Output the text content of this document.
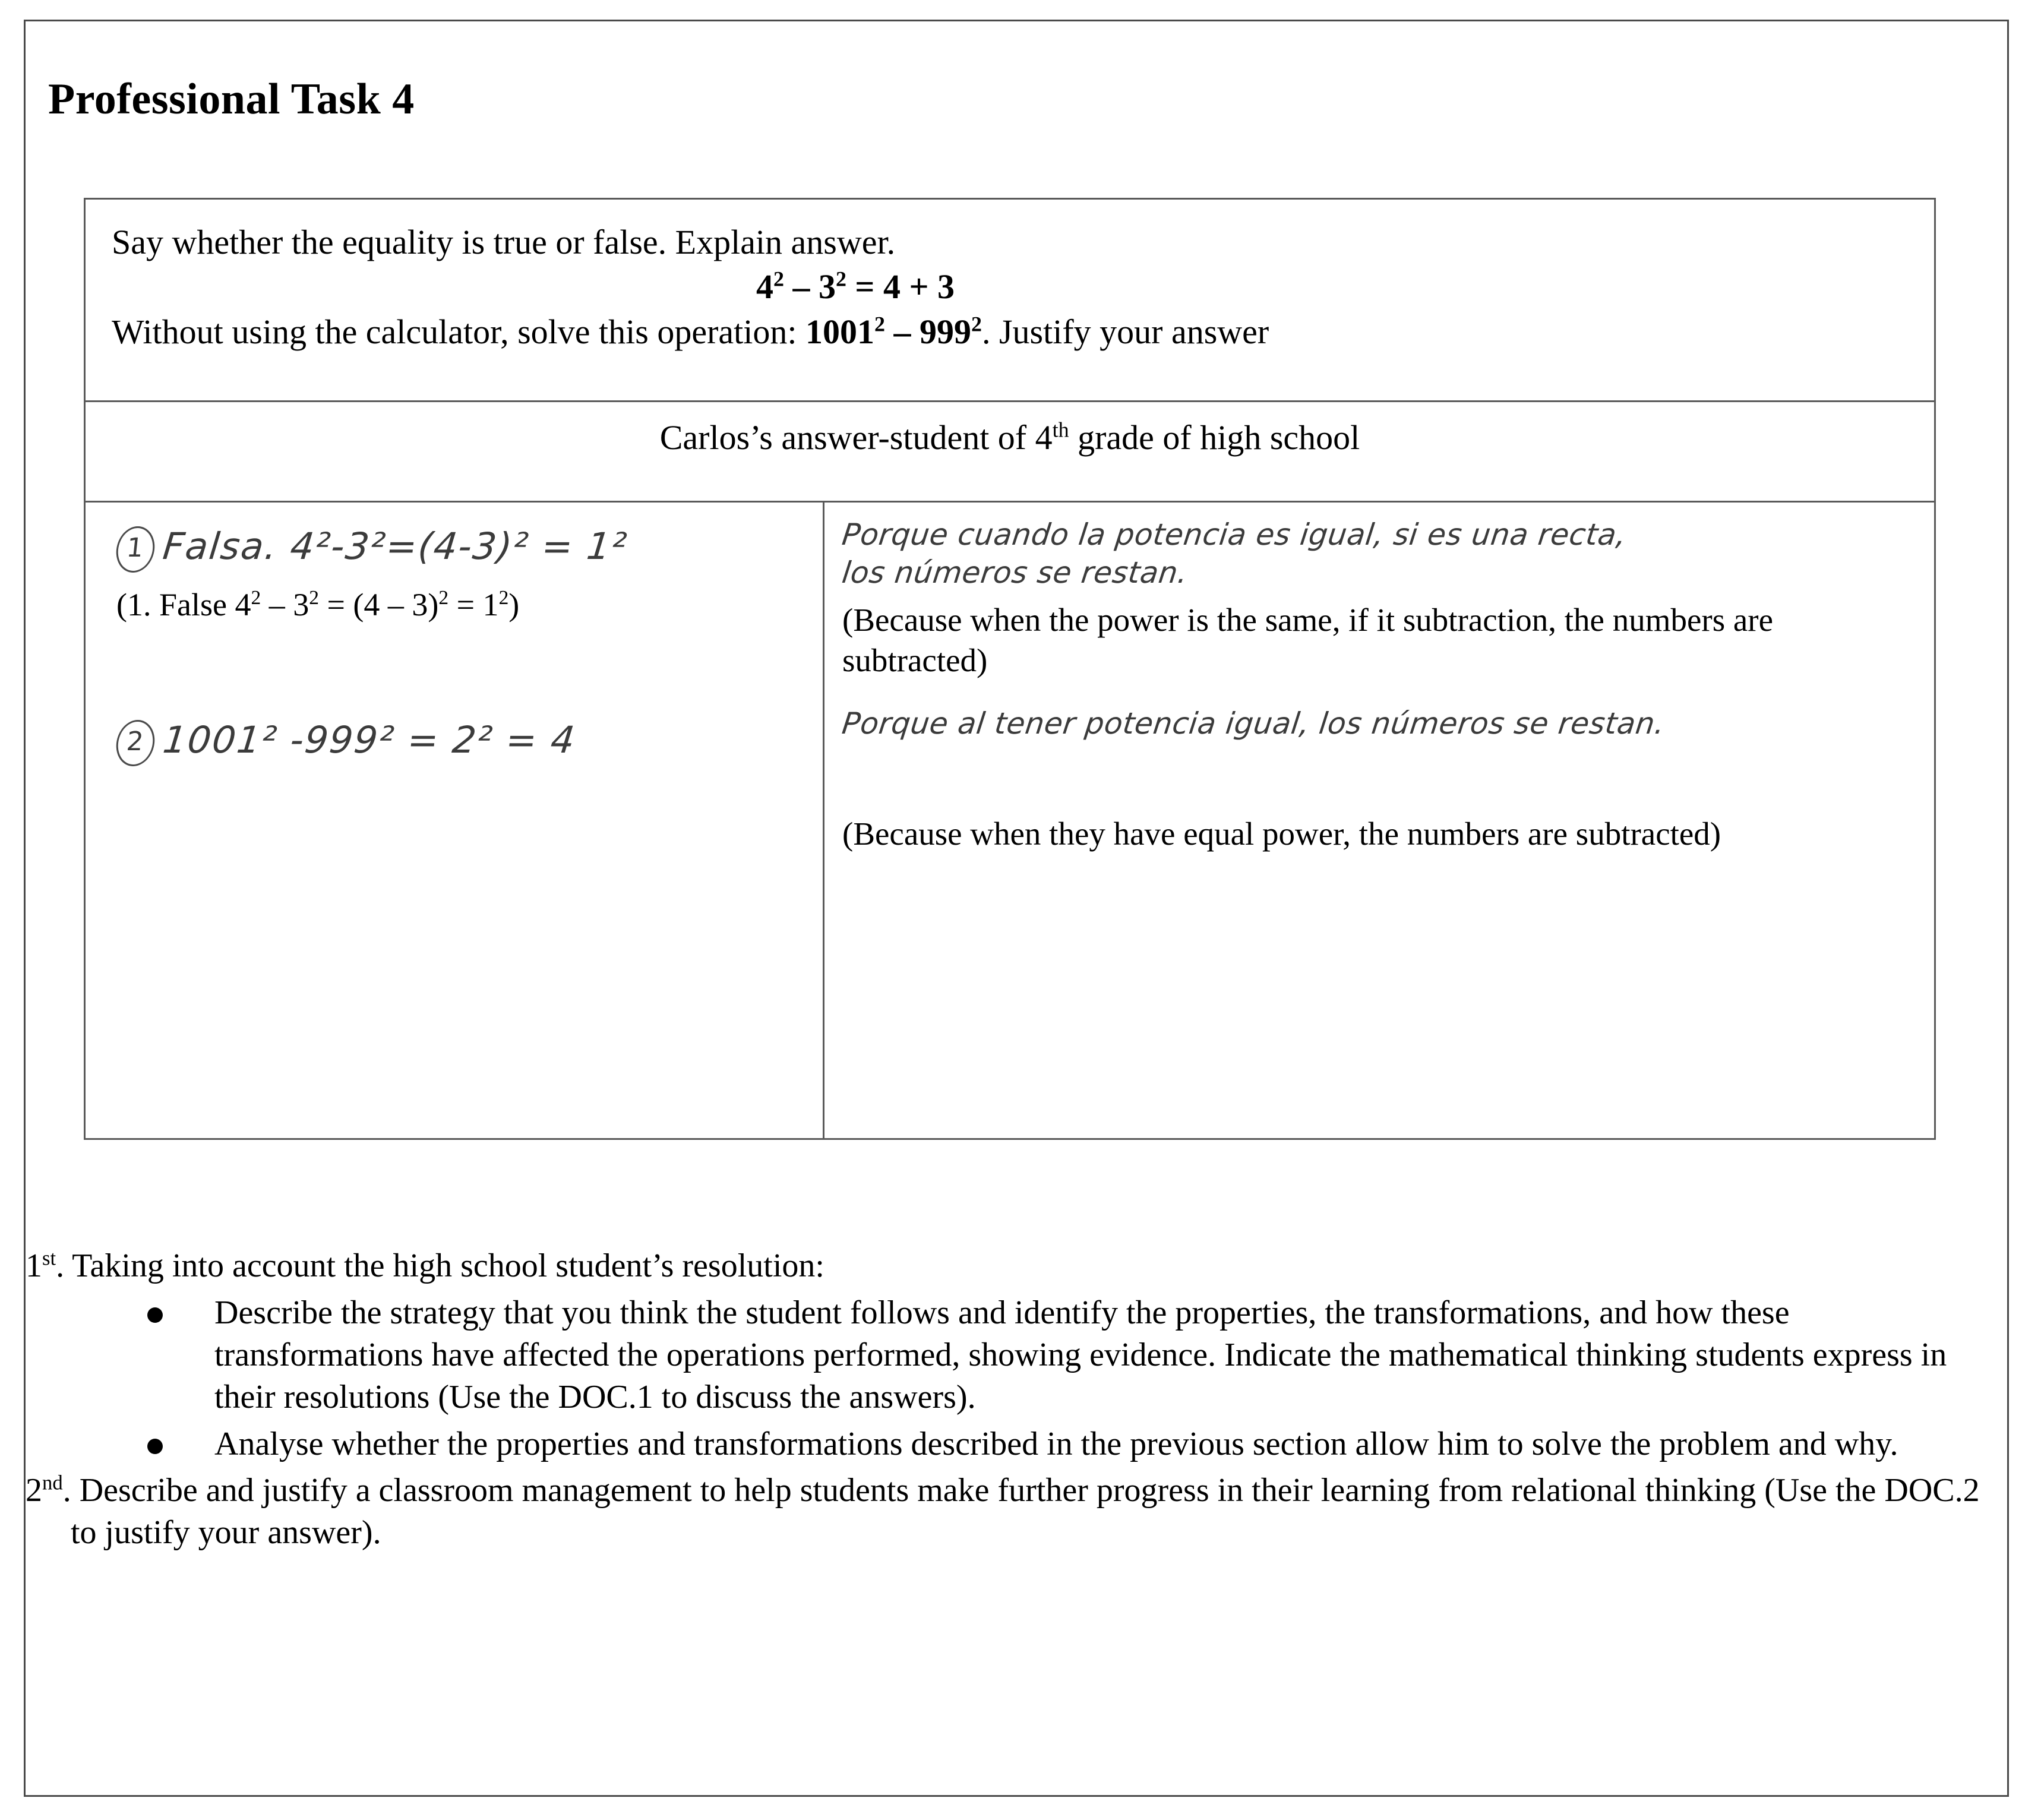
Professional Task 4
Say whether the equality is true or false. Explain answer.
$4^2 - 3^2 = 4 + 3$
Without using the calculator, solve this operation: $1001^2 - 999^2$. Justify your answer

Carlos’s answer-student of 4th grade of high school

1 Falsa. 4²-3²=(4-3)² = 1²
(1. False $4^2 - 3^2 = (4 - 3)^2 = 1^2$)
2 1001² -999² = 2² = 4

Porque cuando la potencia es igual, si es una recta,
los números se restan.
(Because when the power is the same, if it subtraction, the numbers are subtracted)
Porque al tener potencia igual, los números se restan.
(Because when they have equal power, the numbers are subtracted)
1st. Taking into account the high school student’s resolution:
Describe the strategy that you think the student follows and identify the properties, the transformations, and how these transformations have affected the operations performed, showing evidence. Indicate the mathematical thinking students express in their resolutions (Use the DOC.1 to discuss the answers).
Analyse whether the properties and transformations described in the previous section allow him to solve the problem and why.
2nd. Describe and justify a classroom management to help students make further progress in their learning from relational thinking (Use the DOC.2 to justify your answer).
